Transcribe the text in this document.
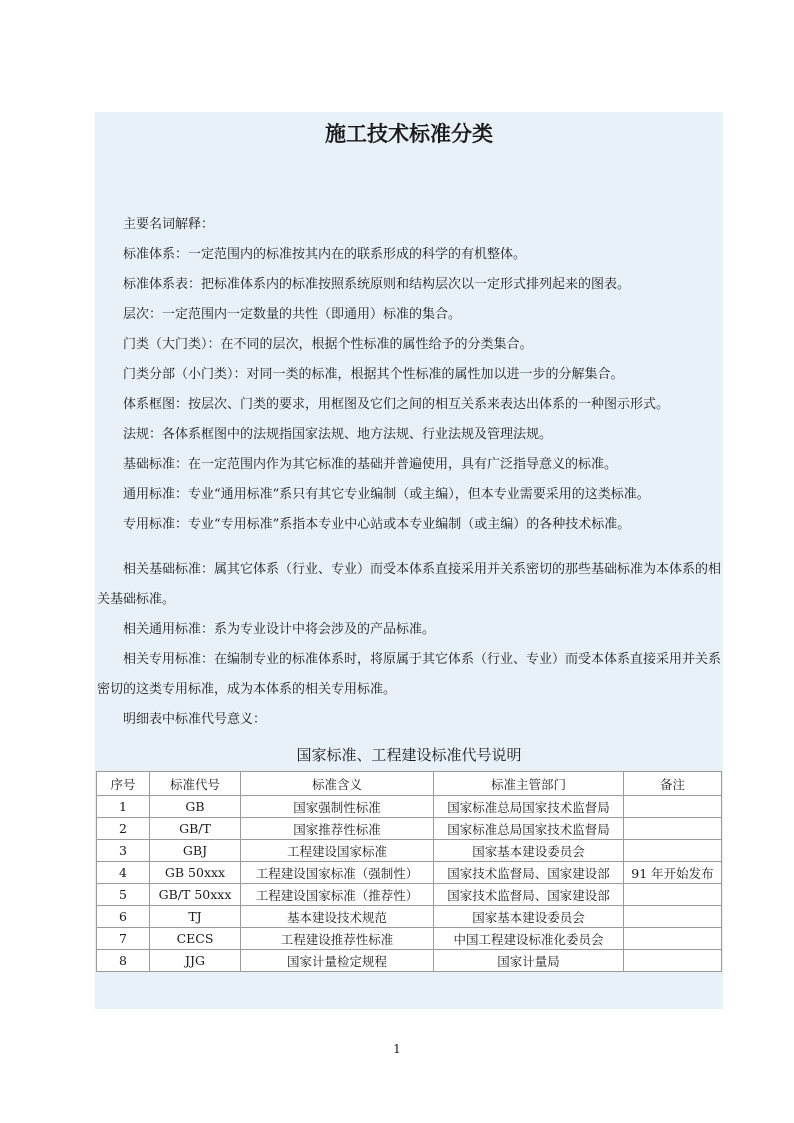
施工技术标准分类

主要名词解释：

标准体系：一定范围内的标准按其内在的联系形成的科学的有机整体。

标准体系表：把标准体系内的标准按照系统原则和结构层次以一定形式排列起来的图表。

层次：一定范围内一定数量的共性（即通用）标准的集合。

门类（大门类）：在不同的层次，根据个性标准的属性给予的分类集合。

门类分部（小门类）：对同一类的标准，根据其个性标准的属性加以进一步的分解集合。

体系框图：按层次、门类的要求，用框图及它们之间的相互关系来表达出体系的一种图示形式。

法规：各体系框图中的法规指国家法规、地方法规、行业法规及管理法规。

基础标准：在一定范围内作为其它标准的基础并普遍使用，具有广泛指导意义的标准。

通用标准：专业“通用标准”系只有其它专业编制（或主编），但本专业需要采用的这类标准。

专用标准：专业“专用标准”系指本专业中心站或本专业编制（或主编）的各种技术标准。

相关基础标准：属其它体系（行业、专业）而受本体系直接采用并关系密切的那些基础标准为本体系的相关基础标准。

相关通用标准：系为专业设计中将会涉及的产品标准。

相关专用标准：在编制专业的标准体系时，将原属于其它体系（行业、专业）而受本体系直接采用并关系密切的这类专用标准，成为本体系的相关专用标准。

明细表中标准代号意义：

国家标准、工程建设标准代号说明
序号	标准代号	标准含义	标准主管部门	备注
1	GB	国家强制性标准	国家标准总局国家技术监督局	
2	GB/T	国家推荐性标准	国家标准总局国家技术监督局	
3	GBJ	工程建设国家标准	国家基本建设委员会	
4	GB 50xxx	工程建设国家标准（强制性）	国家技术监督局、国家建设部	91 年开始发布
5	GB/T 50xxx	工程建设国家标准（推荐性）	国家技术监督局、国家建设部	
6	TJ	基本建设技术规范	国家基本建设委员会	
7	CECS	工程建设推荐性标准	中国工程建设标准化委员会	
8	JJG	国家计量检定规程	国家计量局	
1
